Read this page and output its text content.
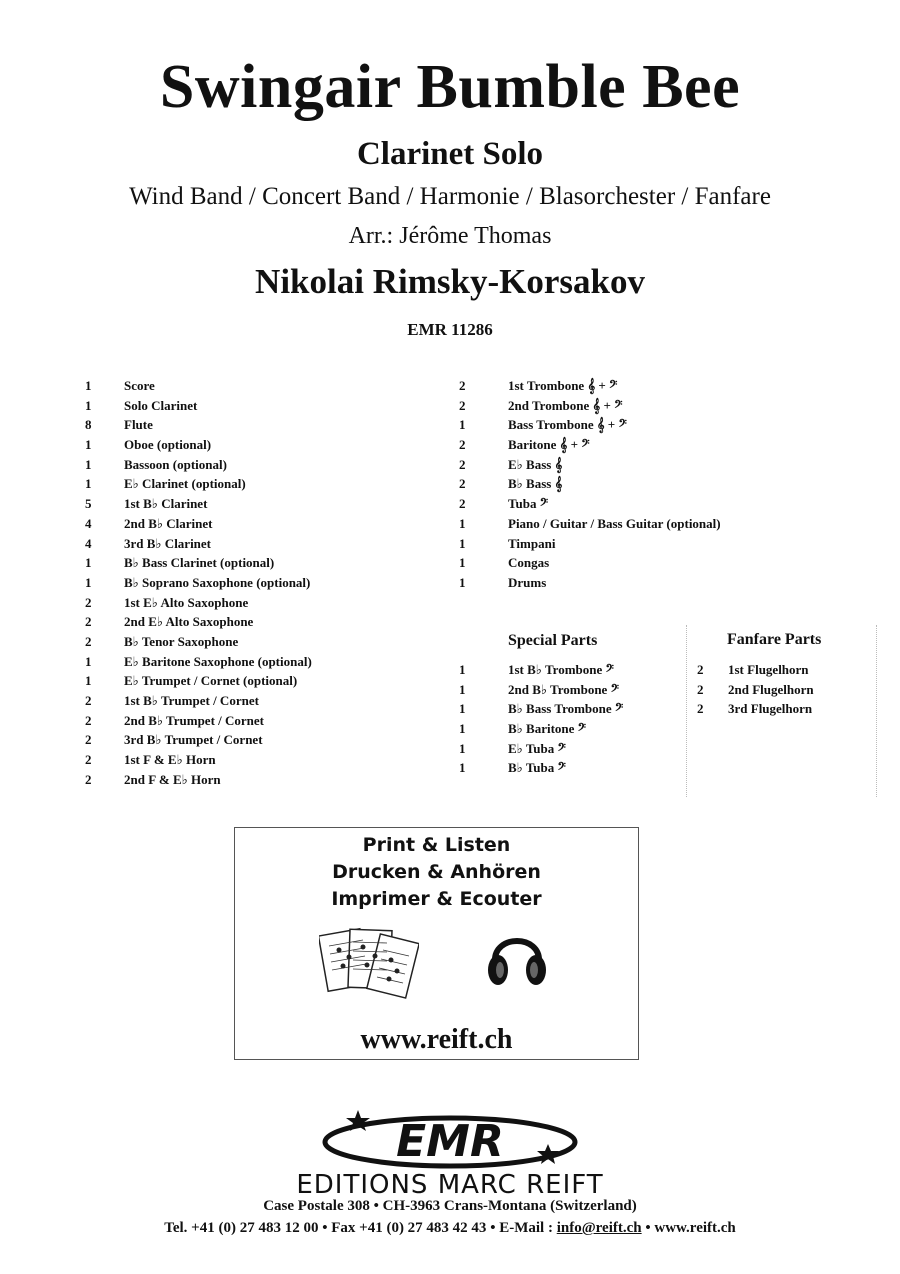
Swingair Bumble Bee
Clarinet Solo
Wind Band / Concert Band / Harmonie / Blasorchester / Fanfare
Arr.: Jérôme Thomas
Nikolai Rimsky-Korsakov
EMR 11286
1	Score
1	Solo Clarinet
8	Flute
1	Oboe (optional)
1	Bassoon (optional)
1	E♭ Clarinet (optional)
5	1st B♭ Clarinet
4	2nd B♭ Clarinet
4	3rd B♭ Clarinet
1	B♭ Bass Clarinet (optional)
1	B♭ Soprano Saxophone (optional)
2	1st E♭ Alto Saxophone
2	2nd E♭ Alto Saxophone
2	B♭ Tenor Saxophone
1	E♭ Baritone Saxophone (optional)
1	E♭ Trumpet / Cornet (optional)
2	1st B♭ Trumpet / Cornet
2	2nd B♭ Trumpet / Cornet
2	3rd B♭ Trumpet / Cornet
2	1st F & E♭ Horn
2	2nd F & E♭ Horn
2	1st Trombone 𝄞 + 𝄢
2	2nd Trombone 𝄞 + 𝄢
1	Bass Trombone 𝄞 + 𝄢
2	Baritone 𝄞 + 𝄢
2	E♭ Bass 𝄞
2	B♭ Bass 𝄞
2	Tuba 𝄢
1	Piano / Guitar / Bass Guitar (optional)
1	Timpani
1	Congas
1	Drums
Special Parts
1	1st B♭ Trombone 𝄢
1	2nd B♭ Trombone 𝄢
1	B♭ Bass Trombone 𝄢
1	B♭ Baritone 𝄢
1	E♭ Tuba 𝄢
1	B♭ Tuba 𝄢
Fanfare Parts
2 1st Flugelhorn
2 2nd Flugelhorn
2 3rd Flugelhorn
Print & Listen
Drucken & Anhören
Imprimer & Ecouter
www.reift.ch
EMR
EDITIONS MARC REIFT
Case Postale 308 • CH-3963 Crans-Montana (Switzerland)
Tel. +41 (0) 27 483 12 00 • Fax +41 (0) 27 483 42 43 • E-Mail : info@reift.ch • www.reift.ch
